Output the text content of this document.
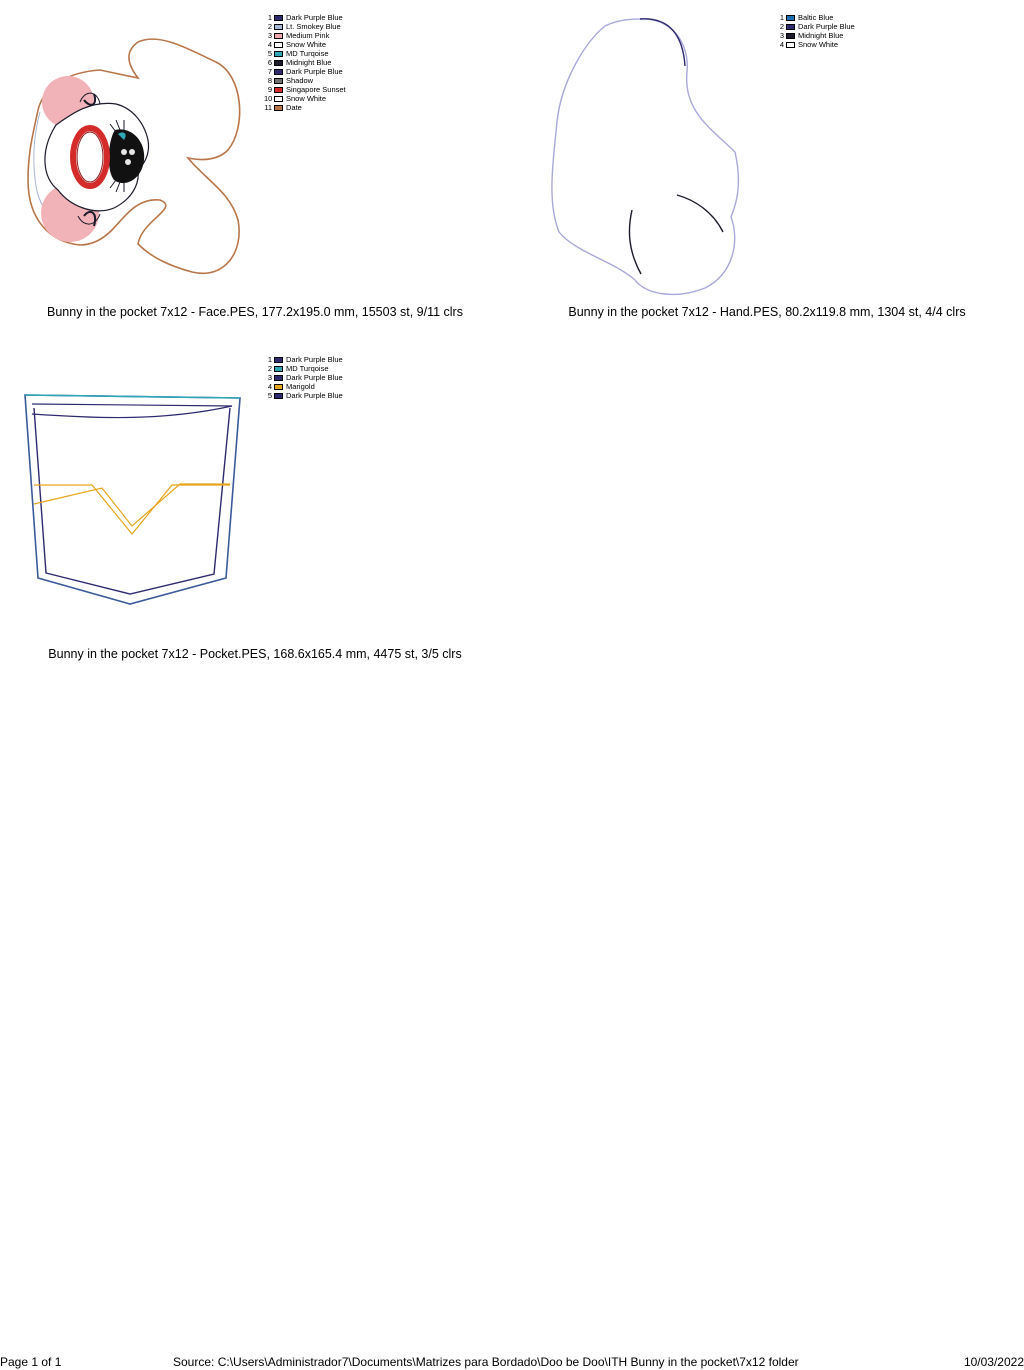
1 Dark Purple Blue
2 Lt. Smokey Blue
3 Medium Pink
4 Snow White
5 MD Turqoise
6 Midnight Blue
7 Dark Purple Blue
8 Shadow
9 Singapore Sunset
10 Snow White
11 Date
Bunny in the pocket 7x12 - Face.PES, 177.2x195.0 mm, 15503 st, 9/11 clrs
1 Baltic Blue
2 Dark Purple Blue
3 Midnight Blue
4 Snow White
Bunny in the pocket 7x12 - Hand.PES, 80.2x119.8 mm, 1304 st, 4/4 clrs
1 Dark Purple Blue
2 MD Turqoise
3 Dark Purple Blue
4 Marigold
5 Dark Purple Blue
Bunny in the pocket 7x12 - Pocket.PES, 168.6x165.4 mm, 4475 st, 3/5 clrs
Page 1 of 1	Source: C:\Users\Administrador7\Documents\Matrizes para Bordado\Doo be Doo\ITH Bunny in the pocket\7x12 folder	10/03/2022
